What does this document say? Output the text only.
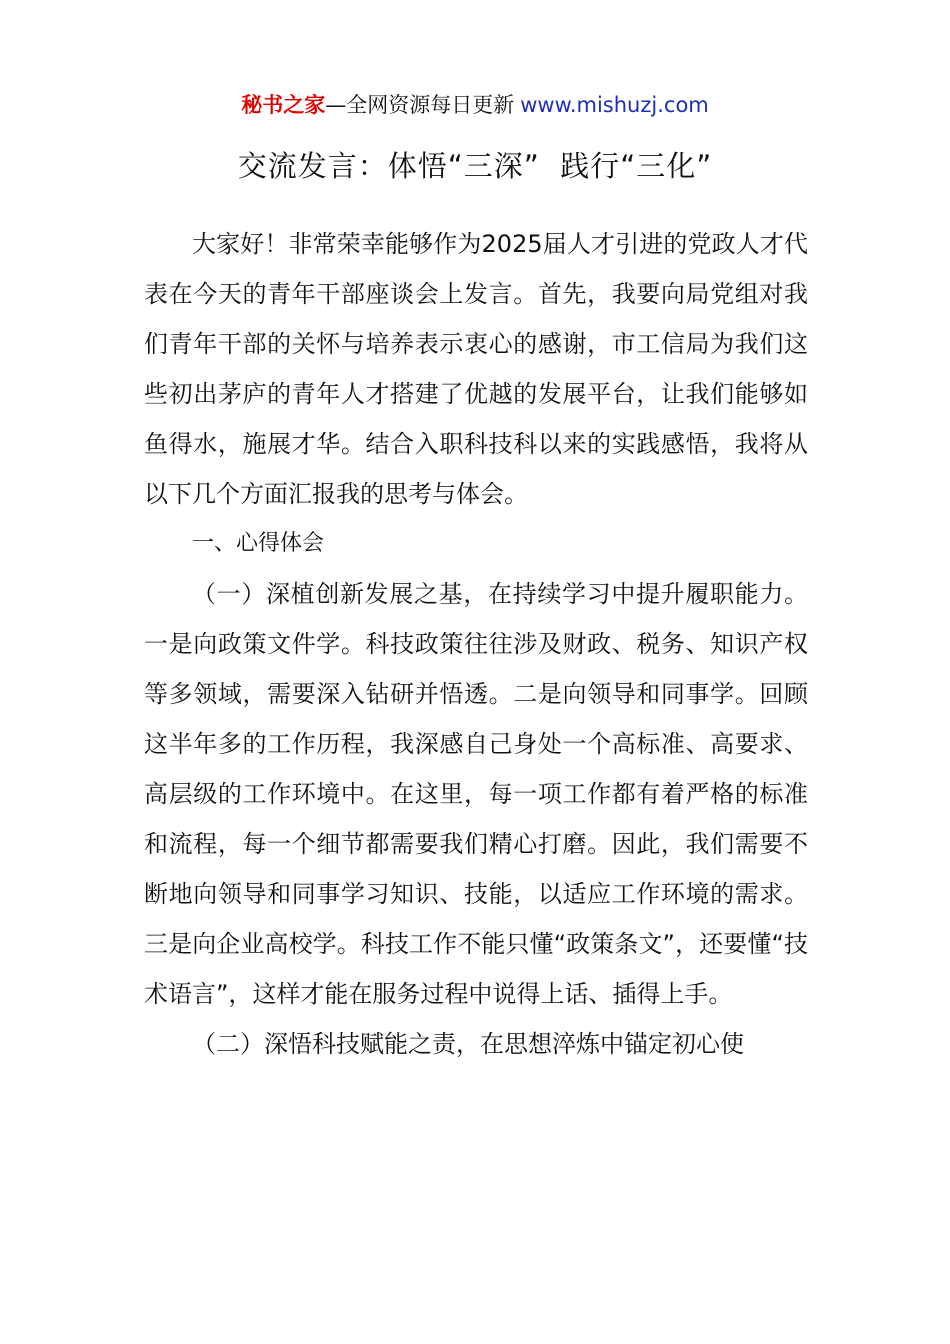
秘书之家—全网资源每日更新 www.mishuzj.com
交流发言：体悟“三深”  践行“三化”

大家好！非常荣幸能够作为2025届人才引进的党政人才代表在今天的青年干部座谈会上发言。首先，我要向局党组对我们青年干部的关怀与培养表示衷心的感谢，市工信局为我们这些初出茅庐的青年人才搭建了优越的发展平台，让我们能够如鱼得水，施展才华。结合入职科技科以来的实践感悟，我将从以下几个方面汇报我的思考与体会。

一、心得体会

（一）深植创新发展之基，在持续学习中提升履职能力。一是向政策文件学。科技政策往往涉及财政、税务、知识产权等多领域，需要深入钻研并悟透。二是向领导和同事学。回顾这半年多的工作历程，我深感自己身处一个高标准、高要求、高层级的工作环境中。在这里，每一项工作都有着严格的标准和流程，每一个细节都需要我们精心打磨。因此，我们需要不断地向领导和同事学习知识、技能，以适应工作环境的需求。三是向企业高校学。科技工作不能只懂“政策条文”，还要懂“技术语言”，这样才能在服务过程中说得上话、插得上手。

（二）深悟科技赋能之责，在思想淬炼中锚定初心使
